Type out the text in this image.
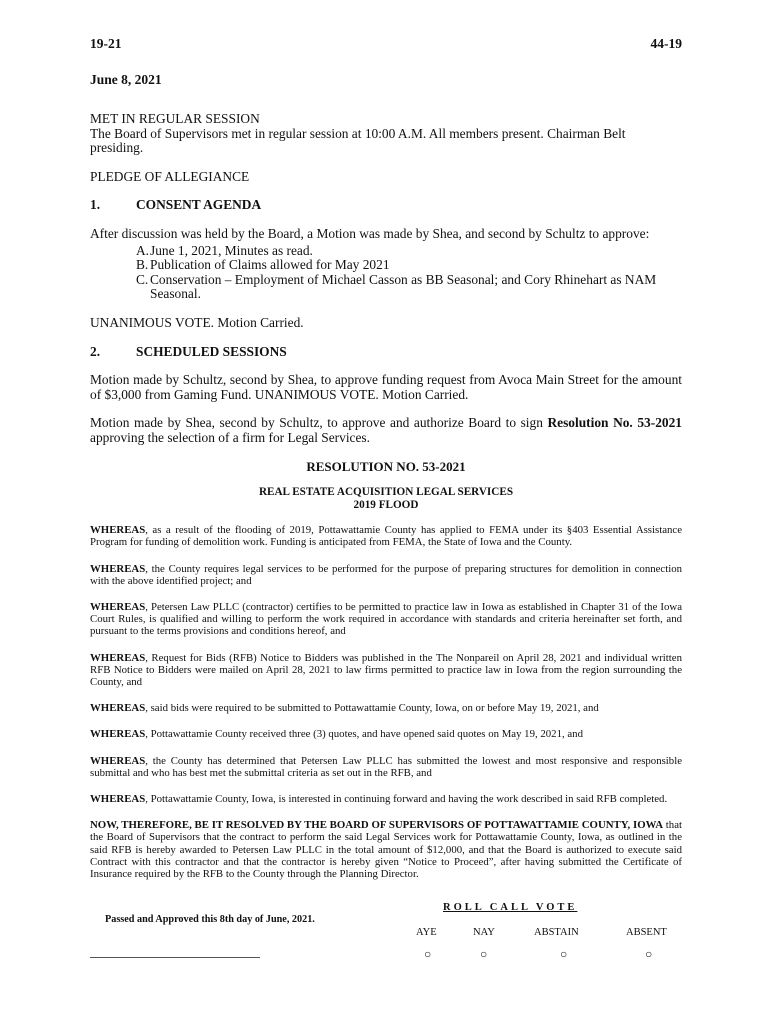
19-21	44-19
June 8, 2021

MET IN REGULAR SESSION
The Board of Supervisors met in regular session at 10:00 A.M. All members present. Chairman Belt presiding.

PLEDGE OF ALLEGIANCE

1.	CONSENT AGENDA

After discussion was held by the Board, a Motion was made by Shea, and second by Schultz to approve:

A. June 1, 2021, Minutes as read.
B. Publication of Claims allowed for May 2021
C. Conservation – Employment of Michael Casson as BB Seasonal; and Cory Rhinehart as NAM Seasonal.

UNANIMOUS VOTE. Motion Carried.

2.	SCHEDULED SESSIONS

Motion made by Schultz, second by Shea, to approve funding request from Avoca Main Street for the amount of $3,000 from Gaming Fund. UNANIMOUS VOTE. Motion Carried.

Motion made by Shea, second by Schultz, to approve and authorize Board to sign Resolution No. 53-2021 approving the selection of a firm for Legal Services.

RESOLUTION NO. 53-2021
REAL ESTATE ACQUISITION LEGAL SERVICES
2019 FLOOD

WHEREAS, as a result of the flooding of 2019, Pottawattamie County has applied to FEMA under its §403 Essential Assistance Program for funding of demolition work. Funding is anticipated from FEMA, the State of Iowa and the County.

WHEREAS, the County requires legal services to be performed for the purpose of preparing structures for demolition in connection with the above identified project; and

WHEREAS, Petersen Law PLLC (contractor) certifies to be permitted to practice law in Iowa as established in Chapter 31 of the Iowa Court Rules, is qualified and willing to perform the work required in accordance with standards and criteria hereinafter set forth, and pursuant to the terms provisions and conditions hereof, and

WHEREAS, Request for Bids (RFB) Notice to Bidders was published in the The Nonpareil on April 28, 2021 and individual written RFB Notice to Bidders were mailed on April 28, 2021 to law firms permitted to practice law in Iowa from the region surrounding the County, and

WHEREAS, said bids were required to be submitted to Pottawattamie County, Iowa, on or before May 19, 2021, and

WHEREAS, Pottawattamie County received three (3) quotes, and have opened said quotes on May 19, 2021, and

WHEREAS, the County has determined that Petersen Law PLLC has submitted the lowest and most responsive and responsible submittal and who has best met the submittal criteria as set out in the RFB, and

WHEREAS, Pottawattamie County, Iowa, is interested in continuing forward and having the work described in said RFB completed.

NOW, THEREFORE, BE IT RESOLVED BY THE BOARD OF SUPERVISORS OF POTTAWATTAMIE COUNTY, IOWA that the Board of Supervisors that the contract to perform the said Legal Services work for Pottawattamie County, Iowa, as outlined in the said RFB is hereby awarded to Petersen Law PLLC in the total amount of $12,000, and that the Board is authorized to execute said Contract with this contractor and that the contractor is hereby given “Notice to Proceed”, after having submitted the Certificate of Insurance required by the RFB to the County through the Planning Director.

ROLL CALL VOTE
Passed and Approved this 8th day of June, 2021.
AYE	NAY	ABSTAIN	ABSENT
○	○	○	○
